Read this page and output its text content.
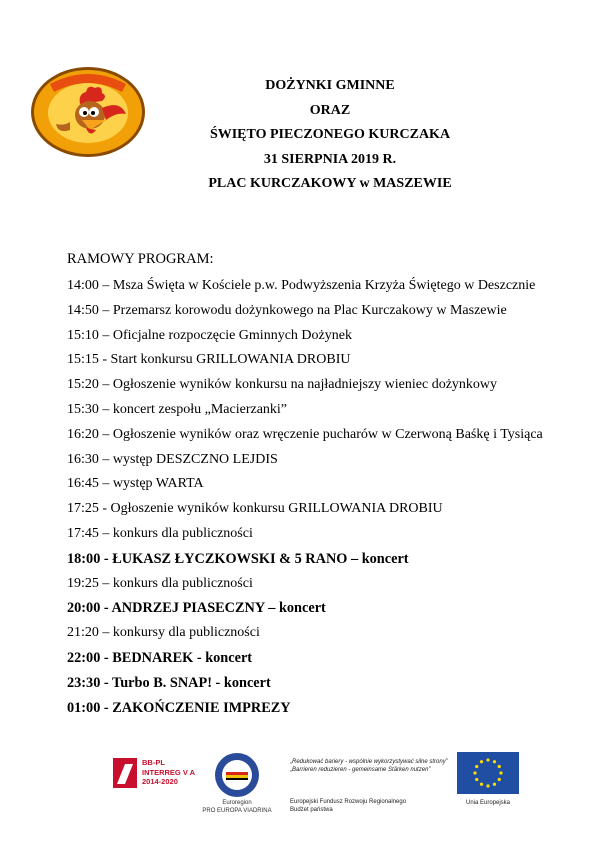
DOŻYNKI GMINNE
ORAZ
ŚWIĘTO PIECZONEGO KURCZAKA
31 SIERPNIA 2019 R.
PLAC KURCZAKOWY w MASZEWIE
RAMOWY PROGRAM:
14:00 – Msza Święta w Kościele p.w. Podwyższenia Krzyża Świętego w Deszcznie
14:50 – Przemarsz korowodu dożynkowego na Plac Kurczakowy w Maszewie
15:10 – Oficjalne rozpoczęcie Gminnych Dożynek
15:15 - Start konkursu GRILLOWANIA DROBIU
15:20 – Ogłoszenie wyników konkursu na najładniejszy wieniec dożynkowy
15:30 – koncert zespołu „Macierzanki”
16:20 – Ogłoszenie wyników oraz wręczenie pucharów w Czerwoną Baśkę i Tysiąca
16:30 – występ DESZCZNO LEJDIS
16:45 – występ WARTA
17:25 - Ogłoszenie wyników konkursu GRILLOWANIA DROBIU
17:45 – konkurs dla publiczności
18:00 - ŁUKASZ ŁYCZKOWSKI & 5 RANO – koncert
19:25 – konkurs dla publiczności
20:00 - ANDRZEJ PIASECZNY – koncert
21:20 – konkursy dla publiczności
22:00 - BEDNAREK - koncert
23:30 - Turbo B. SNAP! - koncert
01:00 - ZAKOŃCZENIE IMPREZY
BB-PL
INTERREG V A
2014-2020
Euroregion
PRO EUROPA VIADRINA
„Redukować bariery - wspólnie wykorzystywać silne strony”
„Barrieren reduzieren - gemeinsame Stärken nutzen”
Europejski Fundusz Rozwoju Regionalnego
Budżet państwa
Unia Europejska
